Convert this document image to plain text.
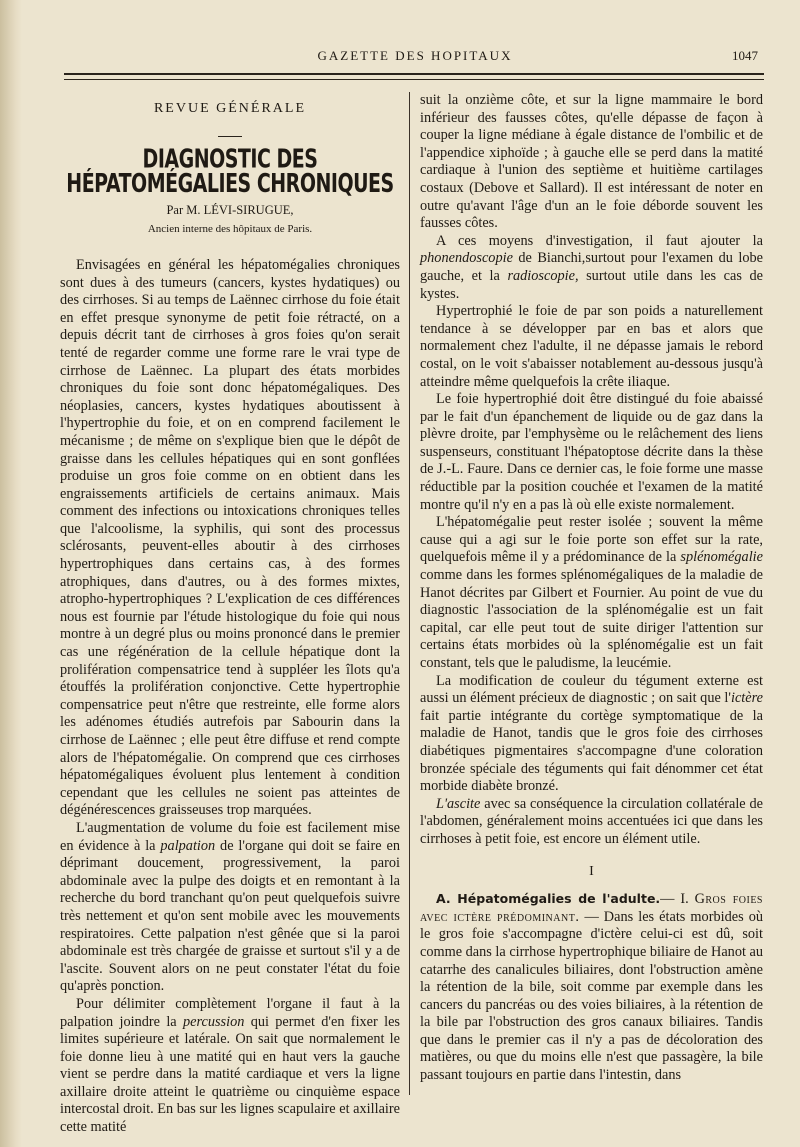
GAZETTE DES HOPITAUX	1047
REVUE GÉNÉRALE
DIAGNOSTIC DES HÉPATOMÉGALIES CHRONIQUES
Par M. LÉVI-SIRUGUE,
Ancien interne des hôpitaux de Paris.

Envisagées en général les hépatomégalies chroniques sont dues à des tumeurs (cancers, kystes hydatiques) ou des cirrhoses. Si au temps de Laënnec cirrhose du foie était en effet presque synonyme de petit foie rétracté, on a depuis décrit tant de cirrhoses à gros foies qu'on serait tenté de regarder comme une forme rare le vrai type de cirrhose de Laënnec. La plupart des états morbides chroniques du foie sont donc hépatomégaliques. Des néoplasies, cancers, kystes hydatiques aboutissent à l'hypertrophie du foie, et on en comprend facilement le mécanisme ; de même on s'explique bien que le dépôt de graisse dans les cellules hépatiques qui en sont gonflées produise un gros foie comme on en obtient dans les engraissements artificiels de certains animaux. Mais comment des infections ou intoxications chroniques telles que l'alcoolisme, la syphilis, qui sont des processus sclérosants, peuvent-elles aboutir à des cirrhoses hypertrophiques dans certains cas, à des formes atrophiques, dans d'autres, ou à des formes mixtes, atropho-hypertrophiques ? L'explication de ces différences nous est fournie par l'étude histologique du foie qui nous montre à un degré plus ou moins prononcé dans le premier cas une régénération de la cellule hépatique dont la prolifération compensatrice tend à suppléer les îlots qu'a étouffés la prolifération conjonctive. Cette hypertrophie compensatrice peut n'être que restreinte, elle forme alors les adénomes étudiés autrefois par Sabourin dans la cirrhose de Laënnec ; elle peut être diffuse et rend compte alors de l'hépatomégalie. On comprend que ces cirrhoses hépatomégaliques évoluent plus lentement à condition cependant que les cellules ne soient pas atteintes de dégénérescences graisseuses trop marquées.

L'augmentation de volume du foie est facilement mise en évidence à la palpation de l'organe qui doit se faire en déprimant doucement, progressivement, la paroi abdominale avec la pulpe des doigts et en remontant à la recherche du bord tranchant qu'on peut quelquefois suivre très nettement et qu'on sent mobile avec les mouvements respiratoires. Cette palpation n'est gênée que si la paroi abdominale est très chargée de graisse et surtout s'il y a de l'ascite. Souvent alors on ne peut constater l'état du foie qu'après ponction.

Pour délimiter complètement l'organe il faut à la palpation joindre la percussion qui permet d'en fixer les limites supérieure et latérale. On sait que normalement le foie donne lieu à une matité qui en haut vers la gauche vient se perdre dans la matité cardiaque et vers la ligne axillaire droite atteint le quatrième ou cinquième espace intercostal droit. En bas sur les lignes scapulaire et axillaire cette matité

suit la onzième côte, et sur la ligne mammaire le bord inférieur des fausses côtes, qu'elle dépasse de façon à couper la ligne médiane à égale distance de l'ombilic et de l'appendice xiphoïde ; à gauche elle se perd dans la matité cardiaque à l'union des septième et huitième cartilages costaux (Debove et Sallard). Il est intéressant de noter en outre qu'avant l'âge d'un an le foie déborde souvent les fausses côtes.

A ces moyens d'investigation, il faut ajouter la phonendoscopie de Bianchi,surtout pour l'examen du lobe gauche, et la radioscopie, surtout utile dans les cas de kystes.

Hypertrophié le foie de par son poids a naturellement tendance à se développer par en bas et alors que normalement chez l'adulte, il ne dépasse jamais le rebord costal, on le voit s'abaisser notablement au-dessous jusqu'à atteindre même quelquefois la crête iliaque.

Le foie hypertrophié doit être distingué du foie abaissé par le fait d'un épanchement de liquide ou de gaz dans la plèvre droite, par l'emphysème ou le relâchement des liens suspenseurs, constituant l'hépatoptose décrite dans la thèse de J.-L. Faure. Dans ce dernier cas, le foie forme une masse réductible par la position couchée et l'examen de la matité montre qu'il n'y en a pas là où elle existe normalement.

L'hépatomégalie peut rester isolée ; souvent la même cause qui a agi sur le foie porte son effet sur la rate, quelquefois même il y a prédominance de la splénomégalie comme dans les formes splénomégaliques de la maladie de Hanot décrites par Gilbert et Fournier. Au point de vue du diagnostic l'association de la splénomégalie est un fait capital, car elle peut tout de suite diriger l'attention sur certains états morbides où la splénomégalie est un fait constant, tels que le paludisme, la leucémie.

La modification de couleur du tégument externe est aussi un élément précieux de diagnostic ; on sait que l'ictère fait partie intégrante du cortège symptomatique de la maladie de Hanot, tandis que le gros foie des cirrhoses diabétiques pigmentaires s'accompagne d'une coloration bronzée spéciale des téguments qui fait dénommer cet état morbide diabète bronzé.

L'ascite avec sa conséquence la circulation collatérale de l'abdomen, généralement moins accentuées ici que dans les cirrhoses à petit foie, est encore un élément utile.

I

A. Hépatomégalies de l'adulte.— I. Gros foies avec ictère prédominant. — Dans les états morbides où le gros foie s'accompagne d'ictère celui-ci est dû, soit comme dans la cirrhose hypertrophique biliaire de Hanot au catarrhe des canalicules biliaires, dont l'obstruction amène la rétention de la bile, soit comme par exemple dans les cancers du pancréas ou des voies biliaires, à la rétention de la bile par l'obstruction des gros canaux biliaires. Tandis que dans le premier cas il n'y a pas de décoloration des matières, ou que du moins elle n'est que passagère, la bile passant toujours en partie dans l'intestin, dans
